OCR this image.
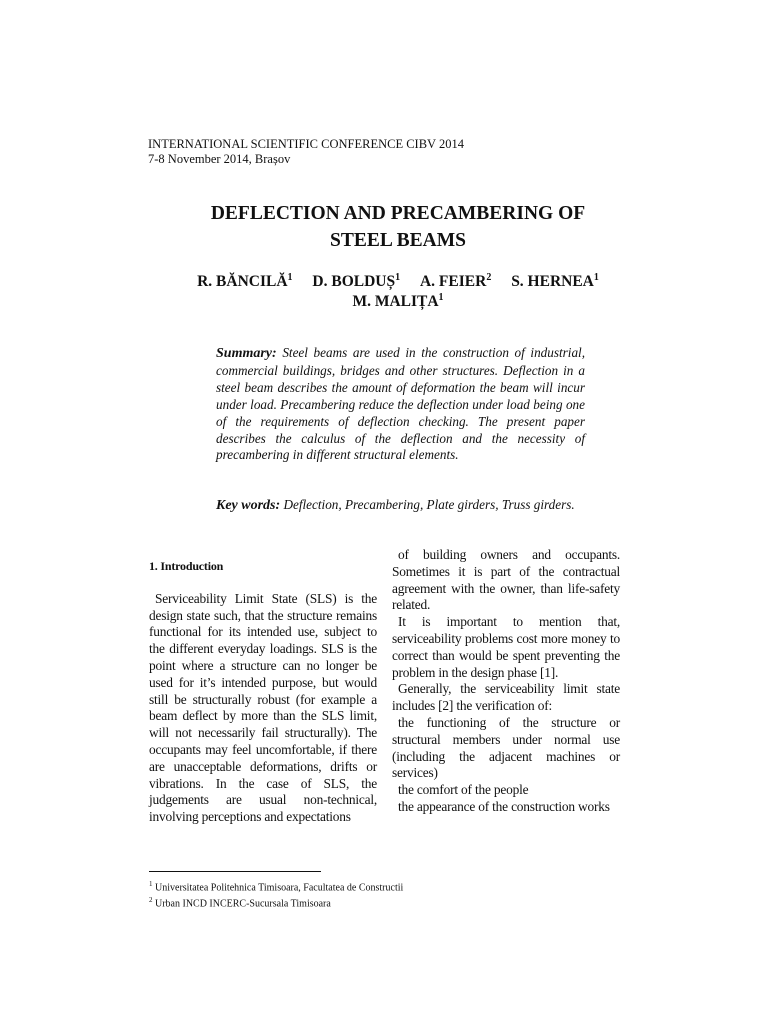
INTERNATIONAL SCIENTIFIC CONFERENCE CIBV 2014
7-8 November 2014, Brașov
DEFLECTION AND PRECAMBERING OF
STEEL BEAMS
R. BĂNCILĂ$^1$ D. BOLDUȘ$^1$ A. FEIER$^2$ S. HERNEA$^1$
M. MALIȚA$^1$
Summary: Steel beams are used in the construction of industrial, commercial buildings, bridges and other structures. Deflection in a steel beam describes the amount of deformation the beam will incur under load. Precambering reduce the deflection under load being one of the requirements of deflection checking. The present paper describes the calculus of the deflection and the necessity of precambering in different structural elements.
Key words: Deflection, Precambering, Plate girders, Truss girders.

1. Introduction

Serviceability Limit State (SLS) is the design state such, that the structure remains functional for its intended use, subject to the different everyday loadings. SLS is the point where a structure can no longer be used for it’s intended purpose, but would still be structurally robust (for example a beam deflect by more than the SLS limit, will not necessarily fail structurally). The occupants may feel uncomfortable, if there are unacceptable deformations, drifts or vibrations. In the case of SLS, the judgements are usual non-technical, involving perceptions and expectations

of building owners and occupants. Sometimes it is part of the contractual agreement with the owner, than life-safety related.

It is important to mention that, serviceability problems cost more money to correct than would be spent preventing the problem in the design phase [1].

Generally, the serviceability limit state includes [2] the verification of:

the functioning of the structure or structural members under normal use (including the adjacent machines or services)

the comfort of the people

the appearance of the construction works

$^1$ Universitatea Politehnica Timisoara, Facultatea de Constructii
$^2$ Urban INCD INCERC-Sucursala Timisoara
